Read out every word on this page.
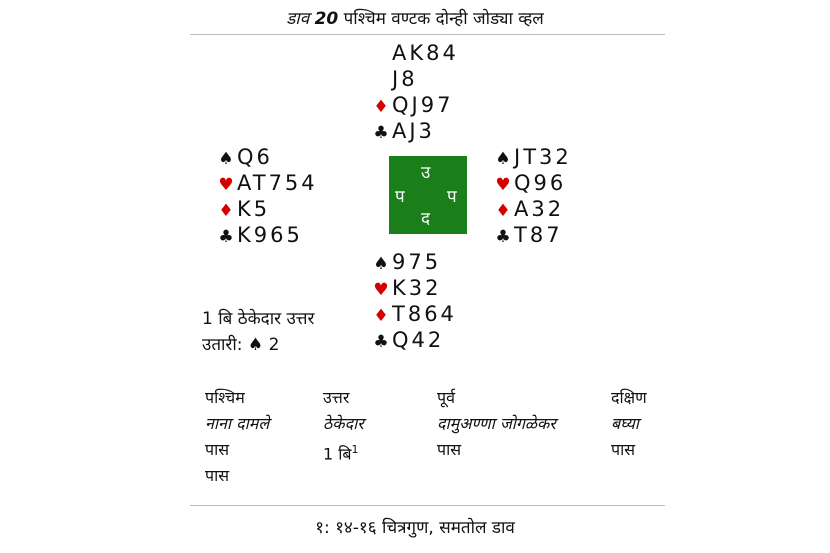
डाव 20 पश्चिम वण्टक दोन्ही जोड्या व्हल
AK84
J8
♦ QJ97
♣ AJ3
♠ Q6
♥ AT754
♦ K5
♣ K965
उ
प प
द
♠ JT32
♥ Q96
♦ A32
♣ T87
♠ 975
♥ K32
♦ T864
♣ Q42
1 बि ठेकेदार उत्तर
उतारी: ♠ 2
पश्चिम
नाना दामले
पास
पास
उत्तर
ठेकेदार
1 बि$^1$
पूर्व
दामुअण्णा जोगळेकर
पास
दक्षिण
बघ्या
पास
१: १४-१६ चित्रगुण, समतोल डाव
